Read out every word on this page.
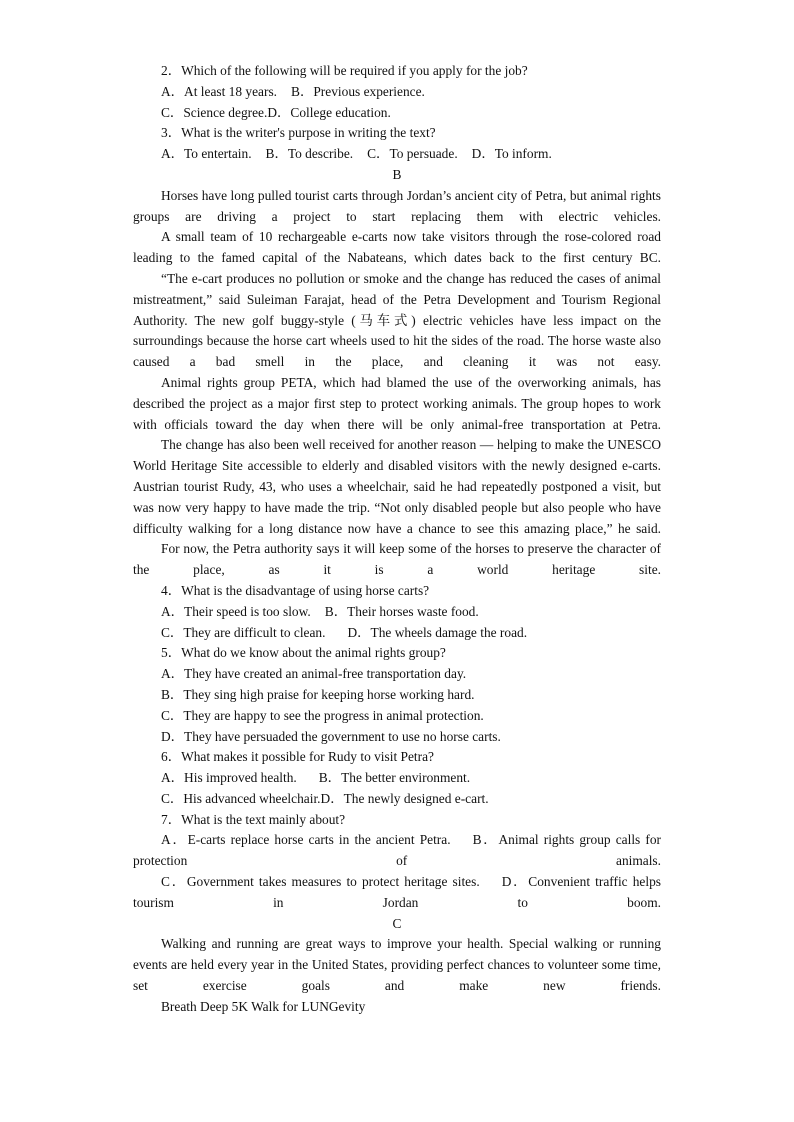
2．Which of the following will be required if you apply for the job?
A．At least 18 years. B．Previous experience.
C．Science degree.D．College education.
3．What is the writer's purpose in writing the text?
A．To entertain. B．To describe. C．To persuade. D．To inform.
B

Horses have long pulled tourist carts through Jordan’s ancient city of Petra, but animal rights groups are driving a project to start replacing them with electric vehicles.

A small team of 10 rechargeable e-carts now take visitors through the rose-colored road leading to the famed capital of the Nabateans, which dates back to the first century BC.

“The e-cart produces no pollution or smoke and the change has reduced the cases of animal mistreatment,” said Suleiman Farajat, head of the Petra Development and Tourism Regional Authority. The new golf buggy-style (马车式) electric vehicles have less impact on the surroundings because the horse cart wheels used to hit the sides of the road. The horse waste also caused a bad smell in the place, and cleaning it was not easy.

Animal rights group PETA, which had blamed the use of the overworking animals, has described the project as a major first step to protect working animals. The group hopes to work with officials toward the day when there will be only animal-free transportation at Petra.

The change has also been well received for another reason — helping to make the UNESCO World Heritage Site accessible to elderly and disabled visitors with the newly designed e-carts. Austrian tourist Rudy, 43, who uses a wheelchair, said he had repeatedly postponed a visit, but was now very happy to have made the trip. “Not only disabled people but also people who have difficulty walking for a long distance now have a chance to see this amazing place,” he said.

For now, the Petra authority says it will keep some of the horses to preserve the character of the place, as it is a world heritage site.

4．What is the disadvantage of using horse carts?
A．Their speed is too slow. B．Their horses waste food.
C．They are difficult to clean. D．The wheels damage the road.
5．What do we know about the animal rights group?
A．They have created an animal-free transportation day.
B．They sing high praise for keeping horse working hard.
C．They are happy to see the progress in animal protection.
D．They have persuaded the government to use no horse carts.
6．What makes it possible for Rudy to visit Petra?
A．His improved health. B．The better environment.
C．His advanced wheelchair.D．The newly designed e-cart.
7．What is the text mainly about?

A．E-carts replace horse carts in the ancient Petra.　 B．Animal rights group calls for protection of animals.

C．Government takes measures to protect heritage sites.　 D．Convenient traffic helps tourism in Jordan to boom.

C

Walking and running are great ways to improve your health. Special walking or running events are held every year in the United States, providing perfect chances to volunteer some time, set exercise goals and make new friends.

Breath Deep 5K Walk for LUNGevity
